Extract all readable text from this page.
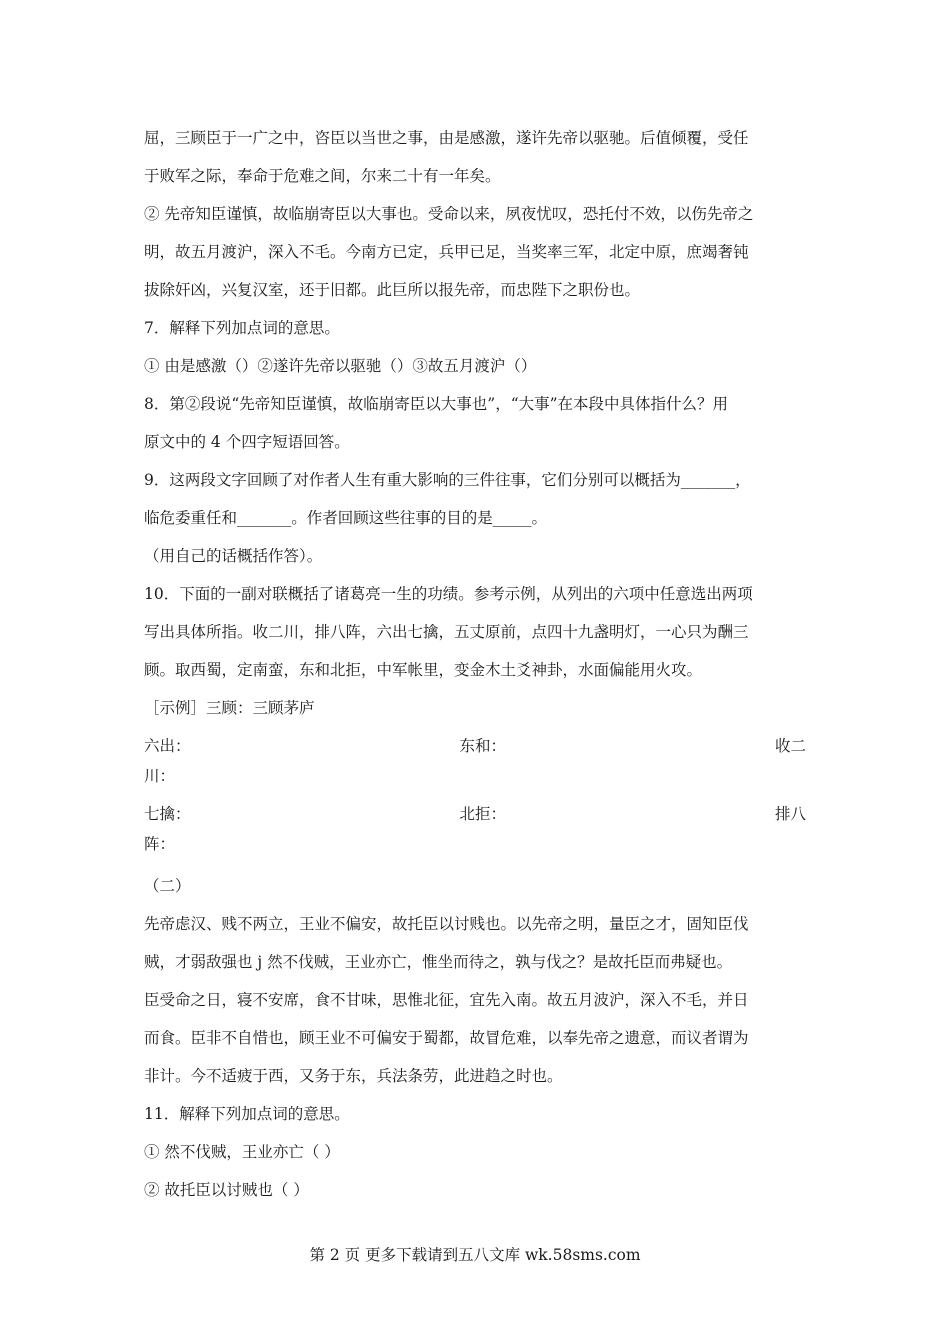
屈，三顾臣于一广之中，咨臣以当世之事，由是感激，遂许先帝以驱驰。后值倾覆，受任
于败军之际，奉命于危难之间，尔来二十有一年矣。
② 先帝知臣谨慎，故临崩寄臣以大事也。受命以来，夙夜忧叹，恐托付不效，以伤先帝之
明，故五月渡沪，深入不毛。今南方已定，兵甲已足，当奖率三军，北定中原，庶竭奢钝
拔除奸凶，兴复汉室，还于旧都。此巨所以报先帝，而忠陛下之职份也。
7．解释下列加点词的意思。
① 由是感激（）②遂许先帝以驱驰（）③故五月渡沪（）
8．第②段说“先帝知臣谨慎，故临崩寄臣以大事也”，“大事”在本段中具体指什么？用
原文中的 4 个四字短语回答。
9．这两段文字回顾了对作者人生有重大影响的三件往事，它们分别可以概括为_______，
临危委重任和_______。作者回顾这些往事的目的是_____。
（用自己的话概括作答）。
10．下面的一副对联概括了诸葛亮一生的功绩。参考示例，从列出的六项中任意选出两项
写出具体所指。收二川，排八阵，六出七擒，五丈原前，点四十九盏明灯，一心只为酬三
顾。取西蜀，定南蛮，东和北拒，中军帐里，变金木土爻神卦，水面偏能用火攻。
［示例］三顾：三顾茅庐
六出：	东和：	收二
川：
七擒：	北拒：	排八
阵：
（二）
先帝虑汉、贱不两立，王业不偏安，故托臣以讨贱也。以先帝之明，量臣之才，固知臣伐
贼，才弱敌强也 j 然不伐贼，王业亦亡，惟坐而待之，孰与伐之？是故托臣而弗疑也。
臣受命之日，寝不安席，食不甘味，思惟北征，宜先入南。故五月波沪，深入不毛，并日
而食。臣非不自惜也，顾王业不可偏安于蜀都，故冒危难，以奉先帝之遗意，而议者谓为
非计。今不适疲于西，又务于东，兵法条劳，此进趋之时也。
11．解释下列加点词的意思。
① 然不伐贼，王业亦亡（ ）
② 故托臣以讨贼也（ ）
第 2 页 更多下载请到五八文库 wk.58sms.com
